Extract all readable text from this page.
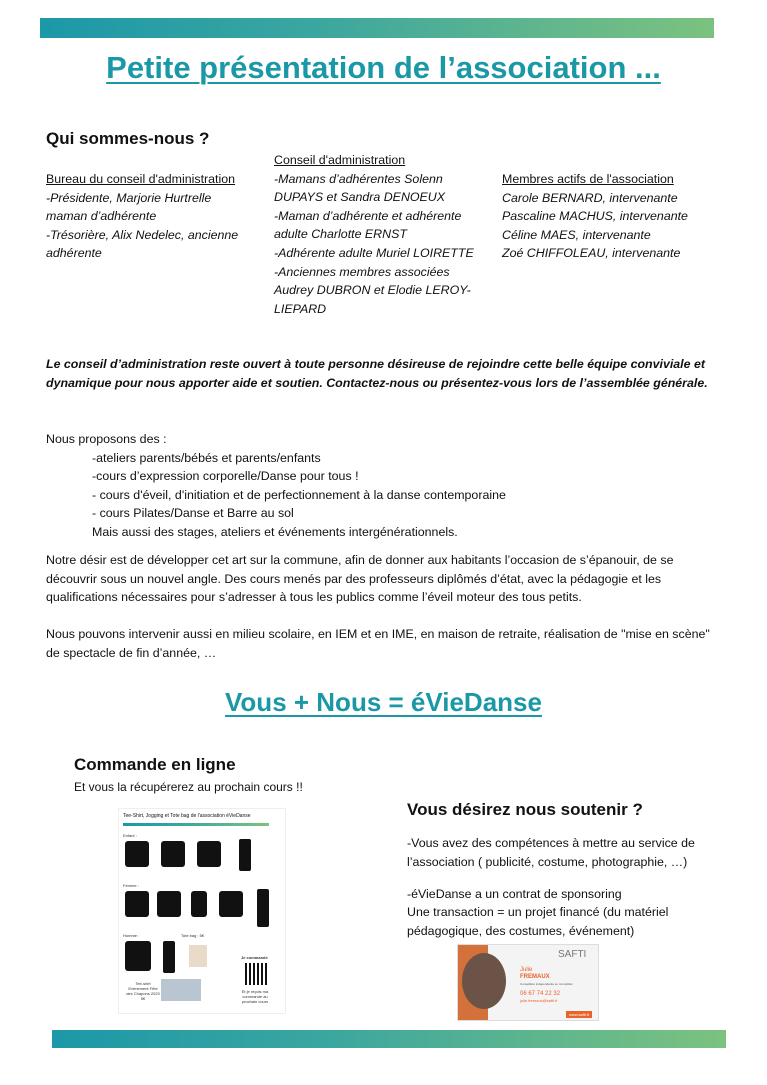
Petite présentation de l’association ...
Qui sommes-nous ?
Bureau du conseil d'administration
-Présidente, Marjorie Hurtrelle
maman d’adhérente
-Trésorière, Alix Nedelec, ancienne
adhérente
Conseil d'administration
-Mamans d’adhérentes Solenn
DUPAYS et Sandra DENOEUX
-Maman d’adhérente et adhérente
adulte Charlotte ERNST
-Adhérente adulte Muriel LOIRETTE
-Anciennes membres associées
Audrey DUBRON et Elodie LEROY-
LIEPARD
Membres actifs de l'association
Carole BERNARD, intervenante
Pascaline MACHUS, intervenante
Céline MAES, intervenante
Zoé CHIFFOLEAU, intervenante

Le conseil d’administration reste ouvert à toute personne désireuse de rejoindre cette belle équipe conviviale et dynamique pour nous apporter aide et soutien. Contactez-nous ou présentez-vous lors de l’assemblée générale.

Nous proposons des :

-ateliers parents/bébés et parents/enfants

-cours d’expression corporelle/Danse pour tous !

- cours d'éveil, d'initiation et de perfectionnement à la danse contemporaine

- cours Pilates/Danse et Barre au sol

Mais aussi des stages, ateliers et événements intergénérationnels.

Notre désir est de développer cet art sur la commune, afin de donner aux habitants l’occasion de s’épanouir, de se découvrir sous un nouvel angle. Des cours menés par des professeurs diplômés d’état, avec la pédagogie et les qualifications nécessaires pour s’adresser à tous les publics comme l’éveil moteur des tous petits.

Nous pouvons intervenir aussi en milieu scolaire, en IEM et en IME, en maison de retraite, réalisation de "mise en scène" de spectacle de fin d’année, …

Vous + Nous = éVieDanse
Commande en ligne

Et vous la récupérerez au prochain cours !!

Tee-Shirt, Jogging et Tote bag de l'association éVieDanse
Enfant :
Femme :
Homme :	Tote bag : 5€
Tee-shirt Evènement Fête des Chapons 2023 5€
Je commande
Et je reçois ma commande au prochain cours
Vous désirez nous soutenir ?

-Vous avez des compétences à mettre au service de l’association ( publicité, costume, photographie, …)

-éVieDanse a un contrat de sponsoring

Une transaction = un projet financé (du matériel pédagogique, des costumes, événement)

SAFTI
Julie
FREMAUX
Conseillère indépendante en immobilier
06 67 74 22 32
julie.fremaux@safti.fr
www.safti.fr
